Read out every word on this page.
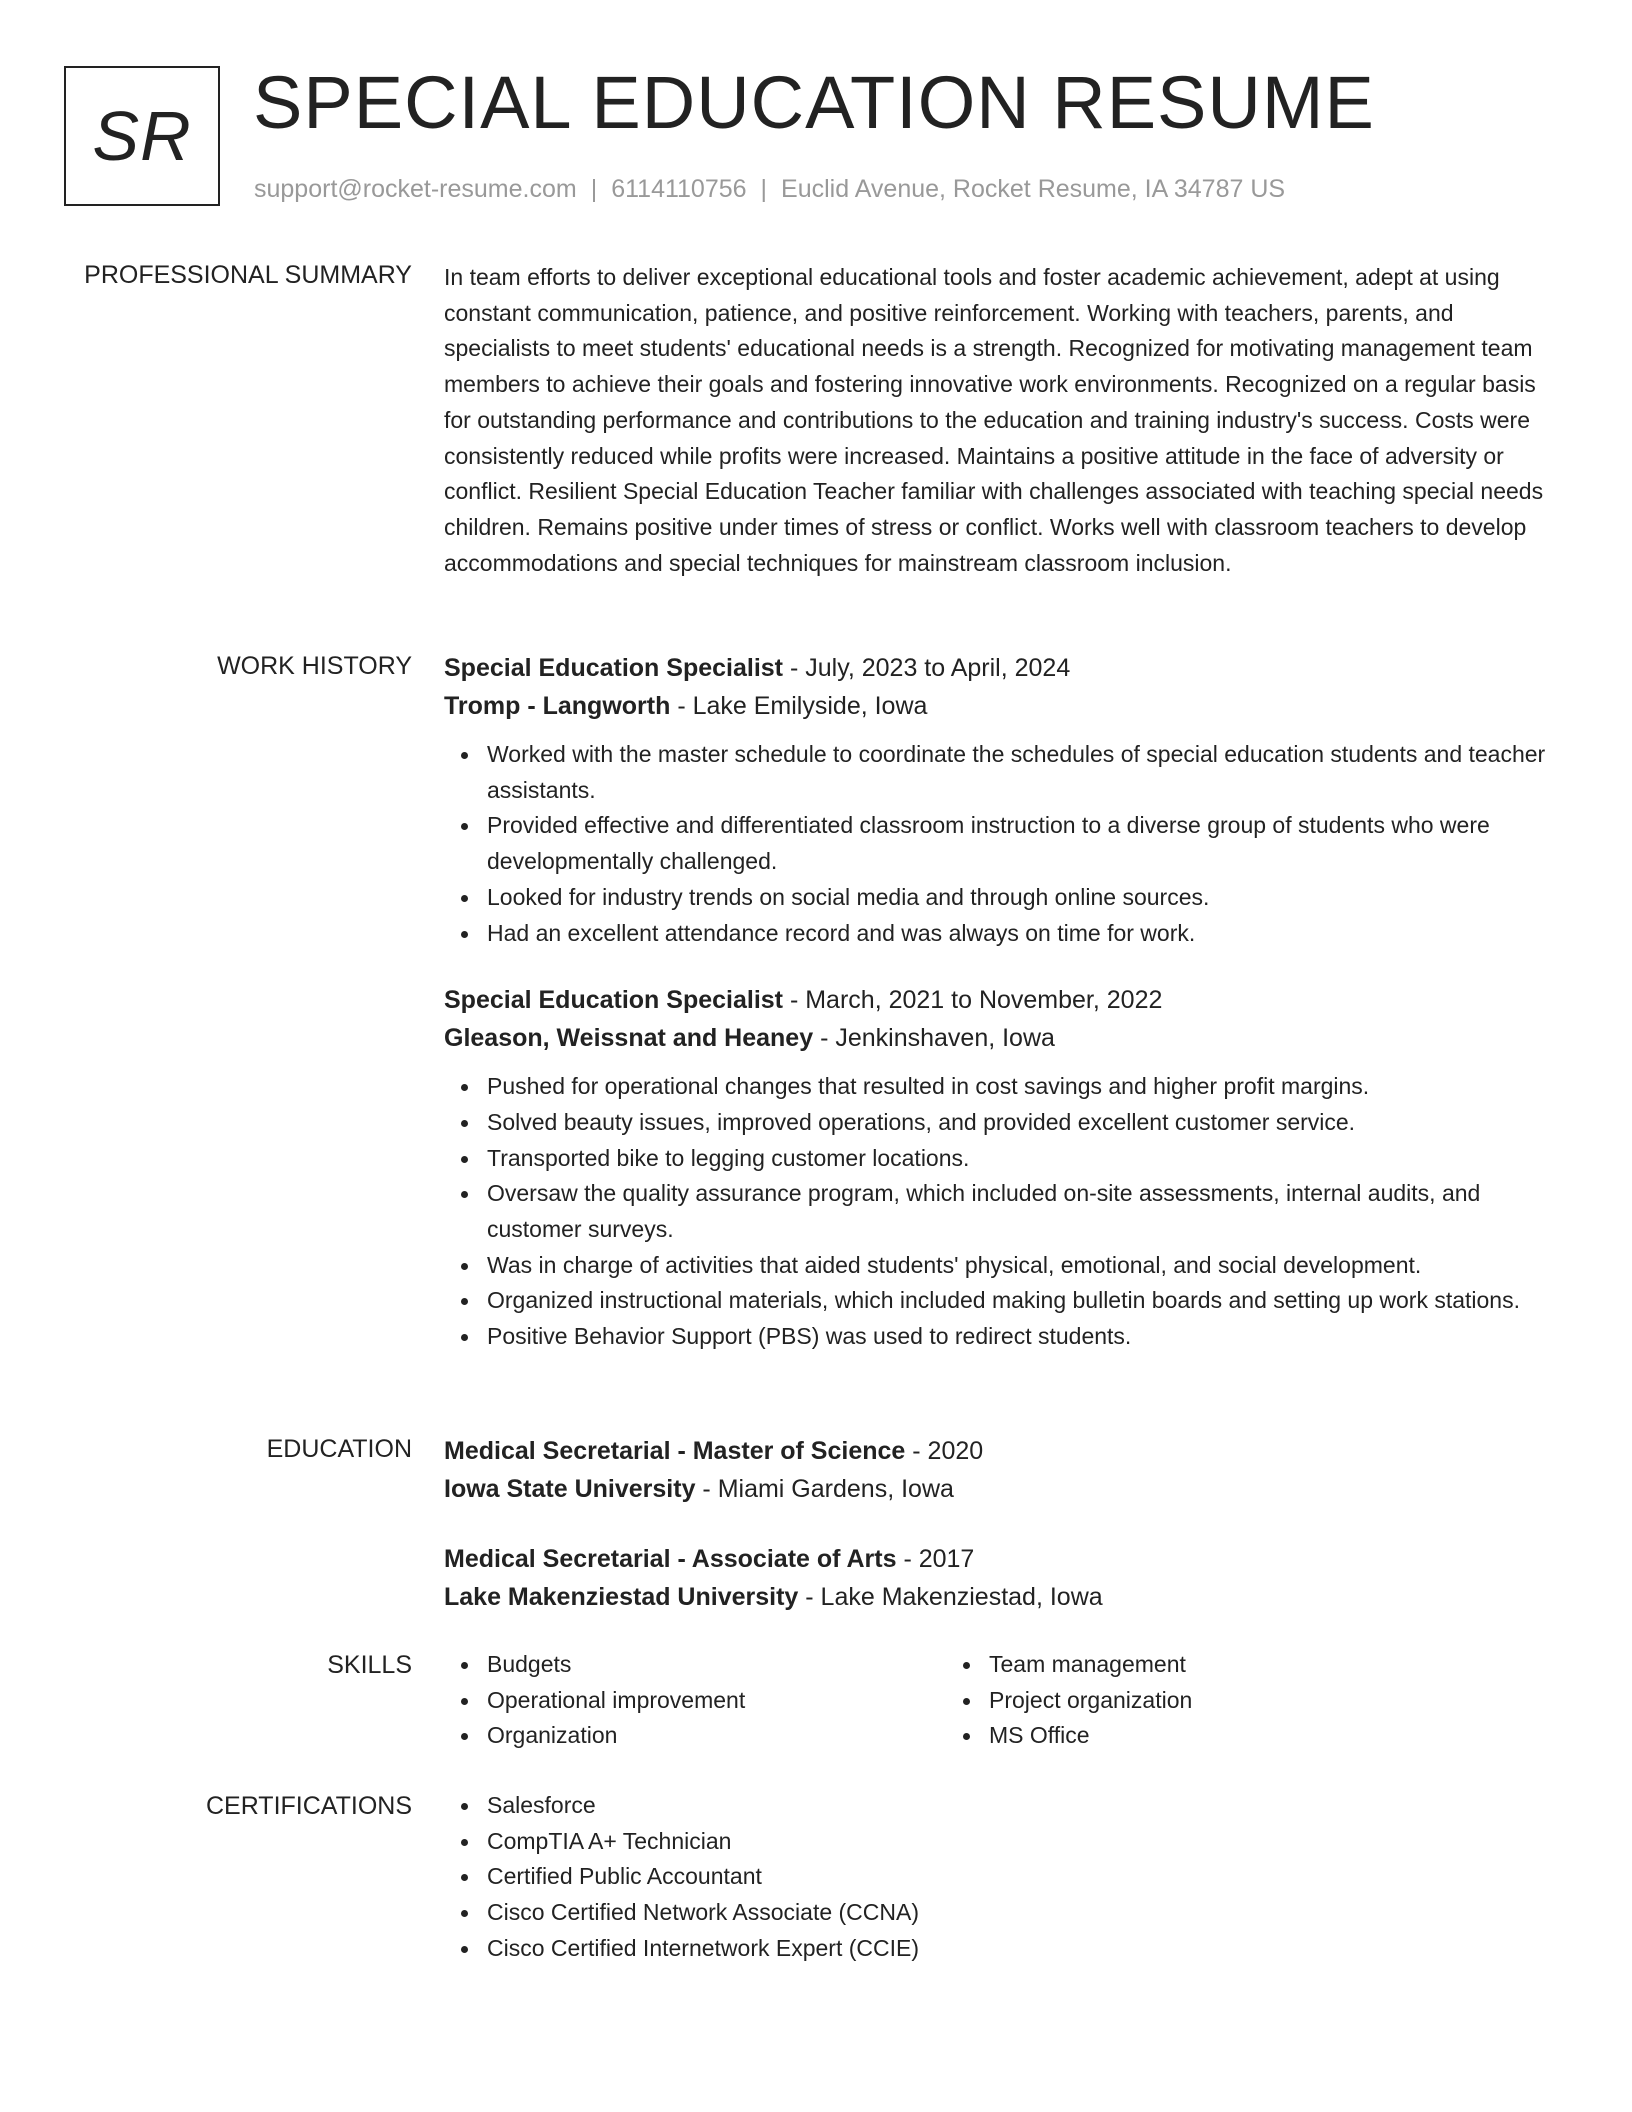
SR SPECIAL EDUCATION RESUME
support@rocket-resume.com | 6114110756 | Euclid Avenue, Rocket Resume, IA 34787 US
PROFESSIONAL SUMMARY In team efforts to deliver exceptional educational tools and foster academic achievement, adept at using constant communication, patience, and positive reinforcement. Working with teachers, parents, and specialists to meet students' educational needs is a strength. Recognized for motivating management team members to achieve their goals and fostering innovative work environments. Recognized on a regular basis for outstanding performance and contributions to the education and training industry's success. Costs were consistently reduced while profits were increased. Maintains a positive attitude in the face of adversity or conflict. Resilient Special Education Teacher familiar with challenges associated with teaching special needs children. Remains positive under times of stress or conflict. Works well with classroom teachers to develop accommodations and special techniques for mainstream classroom inclusion.

WORK HISTORY Special Education Specialist - July, 2023 to April, 2024
Tromp - Langworth - Lake Emilyside, Iowa
Worked with the master schedule to coordinate the schedules of special education students and teacher assistants.
Provided effective and differentiated classroom instruction to a diverse group of students who were developmentally challenged.
Looked for industry trends on social media and through online sources.
Had an excellent attendance record and was always on time for work.
Special Education Specialist - March, 2021 to November, 2022
Gleason, Weissnat and Heaney - Jenkinshaven, Iowa
Pushed for operational changes that resulted in cost savings and higher profit margins.
Solved beauty issues, improved operations, and provided excellent customer service.
Transported bike to legging customer locations.
Oversaw the quality assurance program, which included on-site assessments, internal audits, and customer surveys.
Was in charge of activities that aided students' physical, emotional, and social development.
Organized instructional materials, which included making bulletin boards and setting up work stations.
Positive Behavior Support (PBS) was used to redirect students.
EDUCATION Medical Secretarial - Master of Science - 2020
Iowa State University - Miami Gardens, Iowa
Medical Secretarial - Associate of Arts - 2017
Lake Makenziestad University - Lake Makenziestad, Iowa
SKILLS	Budgets
Operational improvement
Organization
Team management
Project organization
MS Office
CERTIFICATIONS	Salesforce
CompTIA A+ Technician
Certified Public Accountant
Cisco Certified Network Associate (CCNA)
Cisco Certified Internetwork Expert (CCIE)
